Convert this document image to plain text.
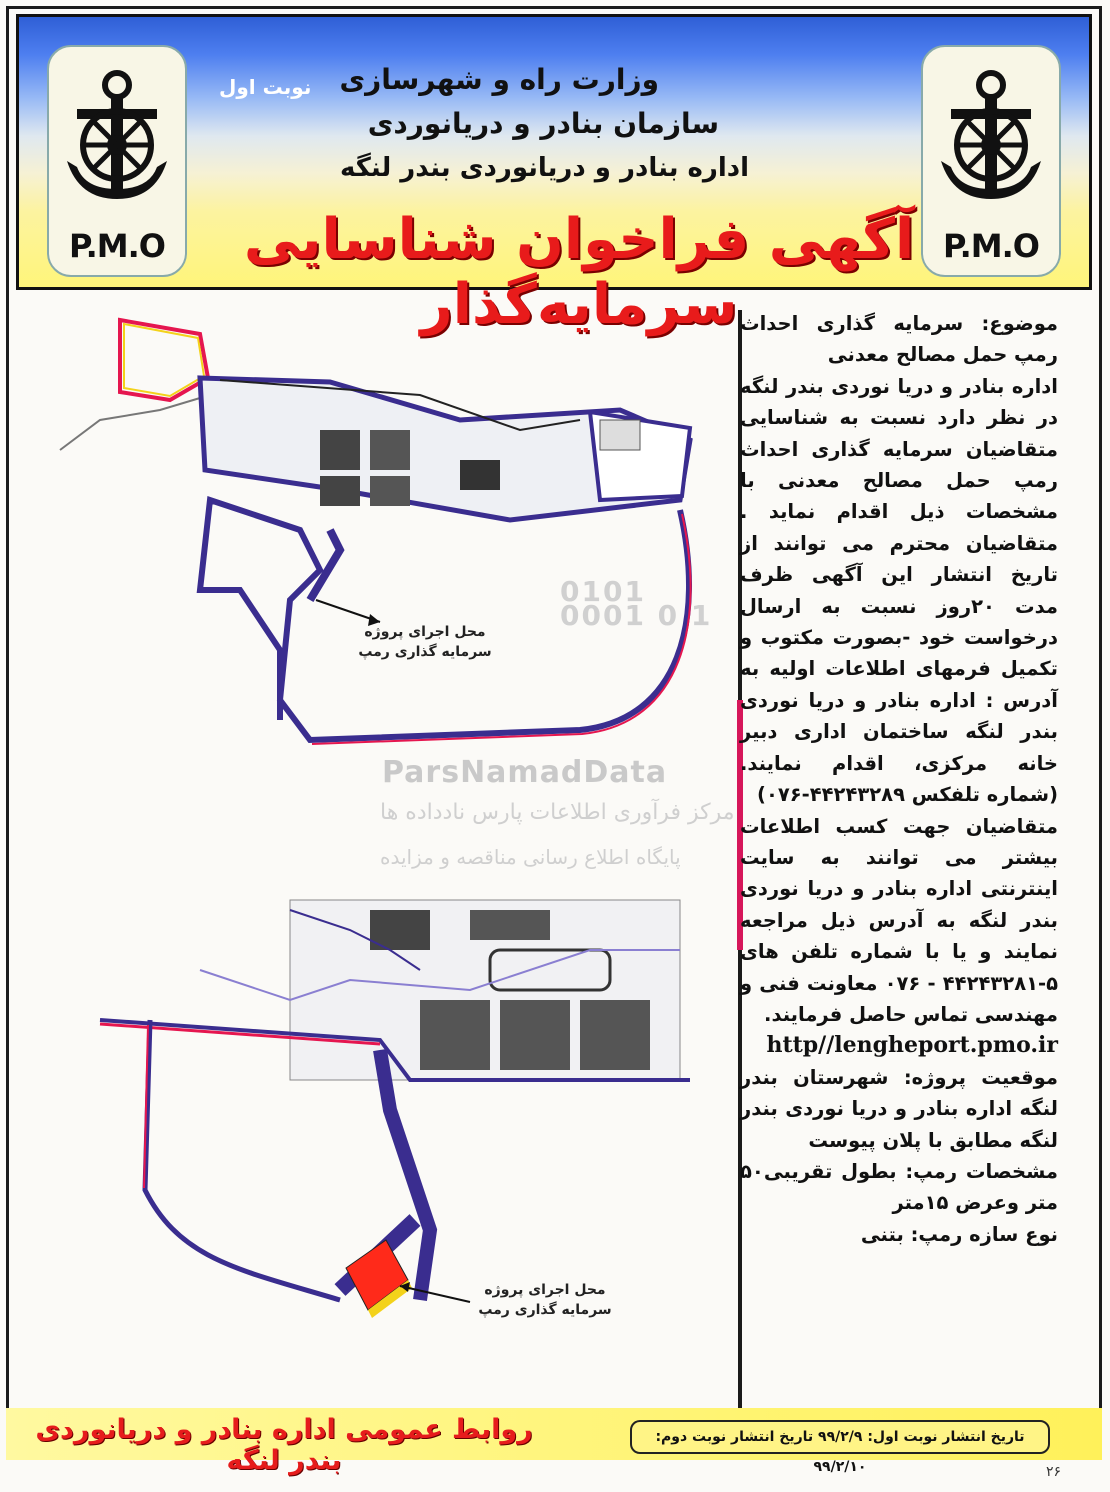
P.M.O	P.M.O
نوبت اول وزارت راه و شهرسازی
سازمان بنادر و دریانوردی
اداره بنادر و دریانوردی بندر لنگه
آگهی فراخوان شناسایی سرمایه‌گذار موضوع: سرمایه گذاری احداث رمپ حمل مصالح معدنی

اداره بنادر و دریا نوردی بندر لنگه در نظر دارد نسبت به شناسایی متقاضیان سرمایه گذاری احداث رمپ حمل مصالح معدنی با مشخصات ذیل اقدام نماید . متقاضیان محترم می توانند از تاریخ انتشار این آگهی ظرف مدت ۲۰روز نسبت به ارسال درخواست خود -بصورت مکتوب و تکمیل فرمهای اطلاعات اولیه به آدرس : اداره بنادر و دریا نوردی بندر لنگه ساختمان اداری دبیر خانه مرکزی، اقدام نمایند. (شماره تلفکس ۴۴۲۴۳۲۸۹-۰۷۶)

متقاضیان جهت کسب اطلاعات بیشتر می توانند به سایت اینترنتی اداره بنادر و دریا نوردی بندر لنگه به آدرس ذیل مراجعه نمایند و یا با شماره تلفن های ۵-۴۴۲۴۳۲۸۱ - ۰۷۶ معاونت فنی و مهندسی تماس حاصل فرمایند.

http//lengheport.pmo.ir

موقعیت پروژه: شهرستان بندر لنگه اداره بنادر و دریا نوردی بندر لنگه مطابق با پلان پیوست

مشخصات رمپ: بطول تقریبی۵۰ متر وعرض ۱۵متر

نوع سازه رمپ: بتنی

0101 0001 0 1
ParsNamadData
مرکز فرآوری اطلاعات پارس نادداده ها
پایگاه اطلاع رسانی مناقصه و مزایده
محل اجرای پروژه سرمایه گذاری رمپ
محل اجرای پروژه سرمایه گذاری رمپ
روابط عمومی اداره بنادر و دریانوردی بندر لنگه
تاریخ انتشار نوبت اول: ۹۹/۲/۹ تاریخ انتشار نوبت دوم: ۹۹/۲/۱۰	۲۶
